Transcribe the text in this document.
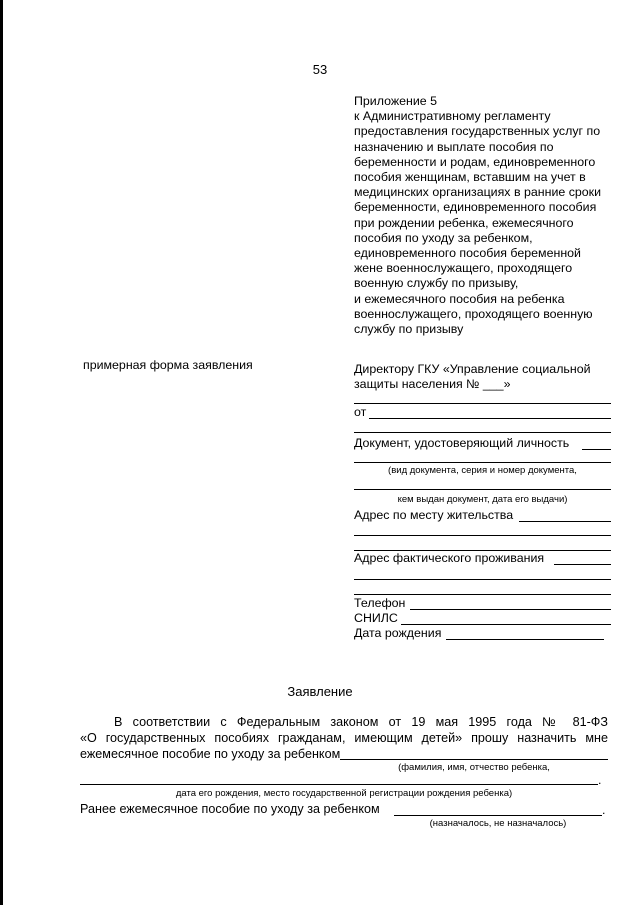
53
Приложение 5
к Административному регламенту
предоставления государственных услуг по
назначению и выплате пособия по
беременности и родам, единовременного
пособия женщинам, вставшим на учет в
медицинских организациях в ранние сроки
беременности, единовременного пособия
при рождении ребенка, ежемесячного
пособия по уходу за ребенком,
единовременного пособия беременной
жене военнослужащего, проходящего
военную службу по призыву,
и ежемесячного пособия на ребенка
военнослужащего, проходящего военную
службу по призыву
примерная форма заявления	Директору ГКУ «Управление социальной
защиты населения № ___»
от
Документ, удостоверяющий личность
(вид документа, серия и номер документа,
кем выдан документ, дата его выдачи)
Адрес по месту жительства
Адрес фактического проживания
Телефон
СНИЛС
Дата рождения
Заявление
В соответствии с Федеральным законом от 19 мая 1995 года № 81-ФЗ
«О государственных пособиях гражданам, имеющим детей» прошу назначить мне
ежемесячное пособие по уходу за ребенком
(фамилия, имя, отчество ребенка,
.
дата его рождения, место государственной регистрации рождения ребенка)
Ранее ежемесячное пособие по уходу за ребенком	.
(назначалось, не назначалось)
